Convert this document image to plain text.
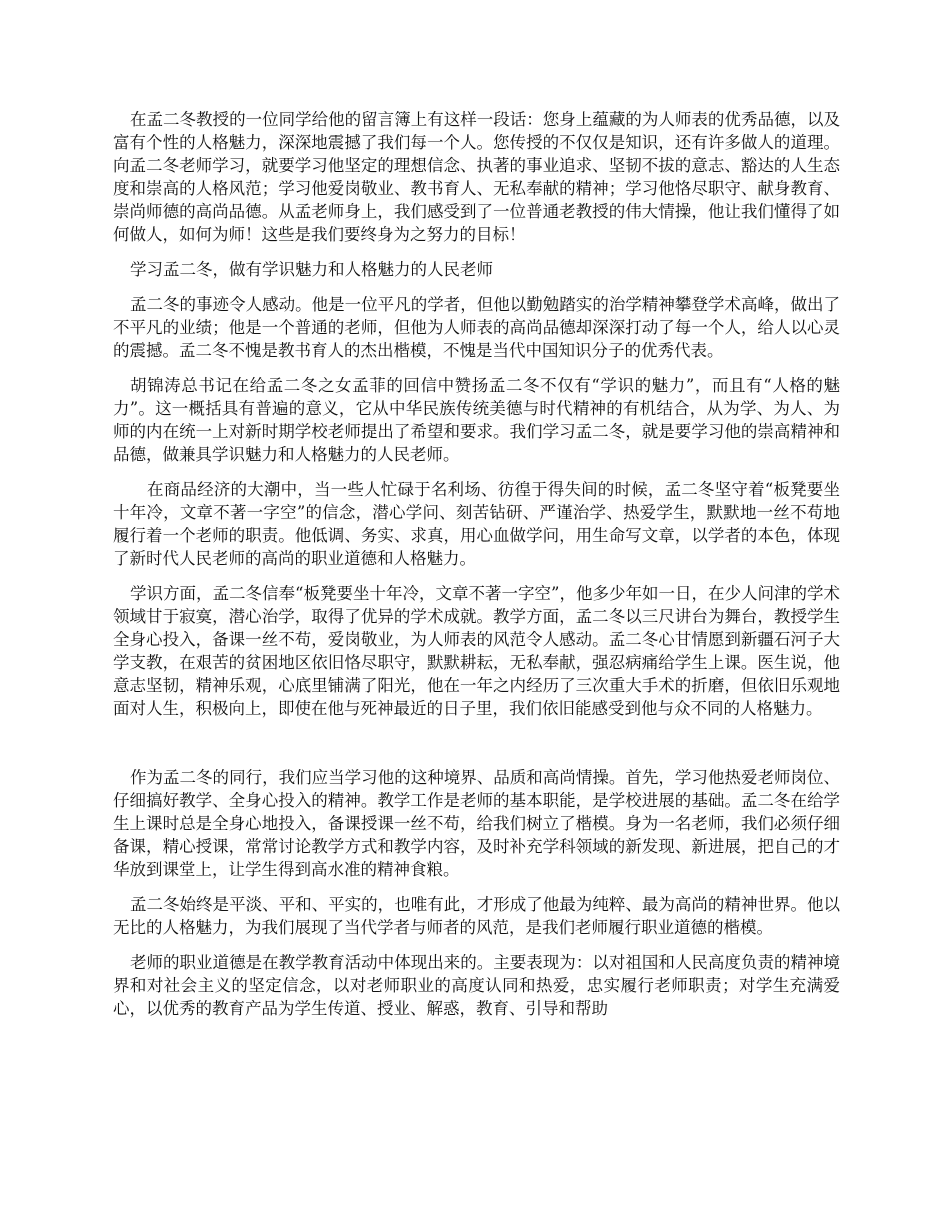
在孟二冬教授的一位同学给他的留言簿上有这样一段话：您身上蕴藏的为人师表的优秀品德，以及富有个性的人格魅力，深深地震撼了我们每一个人。您传授的不仅仅是知识，还有许多做人的道理。向孟二冬老师学习，就要学习他坚定的理想信念、执著的事业追求、坚韧不拔的意志、豁达的人生态度和崇高的人格风范；学习他爱岗敬业、教书育人、无私奉献的精神；学习他恪尽职守、献身教育、崇尚师德的高尚品德。从孟老师身上，我们感受到了一位普通老教授的伟大情操，他让我们懂得了如何做人，如何为师！这些是我们要终身为之努力的目标！

学习孟二冬，做有学识魅力和人格魅力的人民老师

孟二冬的事迹令人感动。他是一位平凡的学者，但他以勤勉踏实的治学精神攀登学术高峰，做出了不平凡的业绩；他是一个普通的老师，但他为人师表的高尚品德却深深打动了每一个人，给人以心灵的震撼。孟二冬不愧是教书育人的杰出楷模，不愧是当代中国知识分子的优秀代表。

胡锦涛总书记在给孟二冬之女孟菲的回信中赞扬孟二冬不仅有“学识的魅力”，而且有“人格的魅力”。这一概括具有普遍的意义，它从中华民族传统美德与时代精神的有机结合，从为学、为人、为师的内在统一上对新时期学校老师提出了希望和要求。我们学习孟二冬，就是要学习他的崇高精神和品德，做兼具学识魅力和人格魅力的人民老师。

在商品经济的大潮中，当一些人忙碌于名利场、彷徨于得失间的时候，孟二冬坚守着“板凳要坐十年冷，文章不著一字空”的信念，潜心学问、刻苦钻研、严谨治学、热爱学生，默默地一丝不苟地履行着一个老师的职责。他低调、务实、求真，用心血做学问，用生命写文章，以学者的本色，体现了新时代人民老师的高尚的职业道德和人格魅力。

学识方面，孟二冬信奉“板凳要坐十年冷，文章不著一字空”，他多少年如一日，在少人问津的学术领域甘于寂寞，潜心治学，取得了优异的学术成就。教学方面，孟二冬以三尺讲台为舞台，教授学生全身心投入，备课一丝不苟，爱岗敬业，为人师表的风范令人感动。孟二冬心甘情愿到新疆石河子大学支教，在艰苦的贫困地区依旧恪尽职守，默默耕耘，无私奉献，强忍病痛给学生上课。医生说，他意志坚韧，精神乐观，心底里铺满了阳光，他在一年之内经历了三次重大手术的折磨，但依旧乐观地面对人生，积极向上，即使在他与死神最近的日子里，我们依旧能感受到他与众不同的人格魅力。

作为孟二冬的同行，我们应当学习他的这种境界、品质和高尚情操。首先，学习他热爱老师岗位、仔细搞好教学、全身心投入的精神。教学工作是老师的基本职能，是学校进展的基础。孟二冬在给学生上课时总是全身心地投入，备课授课一丝不苟，给我们树立了楷模。身为一名老师，我们必须仔细备课，精心授课，常常讨论教学方式和教学内容，及时补充学科领域的新发现、新进展，把自己的才华放到课堂上，让学生得到高水准的精神食粮。

孟二冬始终是平淡、平和、平实的，也唯有此，才形成了他最为纯粹、最为高尚的精神世界。他以无比的人格魅力，为我们展现了当代学者与师者的风范，是我们老师履行职业道德的楷模。

老师的职业道德是在教学教育活动中体现出来的。主要表现为：以对祖国和人民高度负责的精神境界和对社会主义的坚定信念，以对老师职业的高度认同和热爱，忠实履行老师职责；对学生充满爱心，以优秀的教育产品为学生传道、授业、解惑，教育、引导和帮助
